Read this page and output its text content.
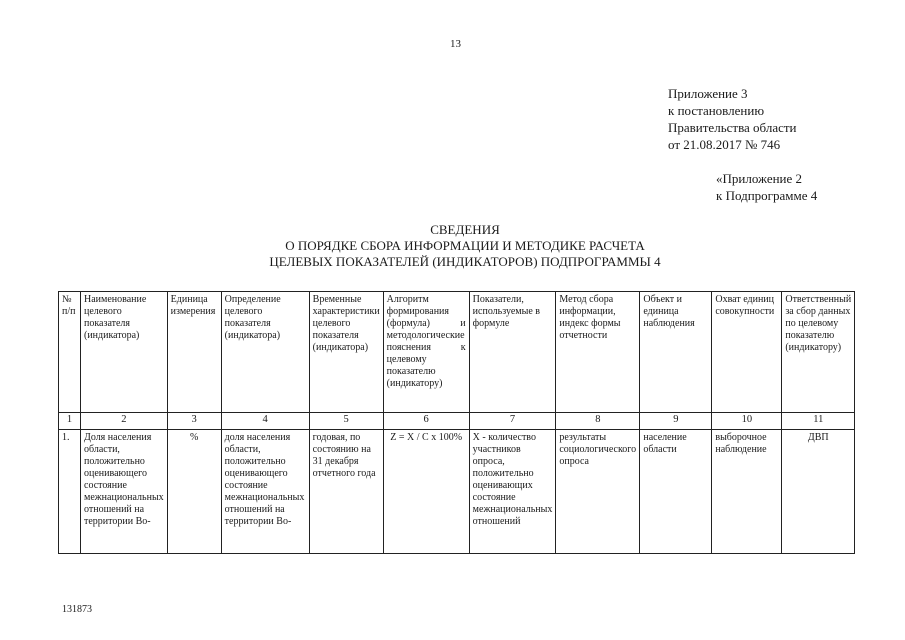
13
Приложение 3
к постановлению
Правительства области
от 21.08.2017 № 746
«Приложение 2
к Подпрограмме 4
СВЕДЕНИЯ
О ПОРЯДКЕ СБОРА ИНФОРМАЦИИ И МЕТОДИКЕ РАСЧЕТА
ЦЕЛЕВЫХ ПОКАЗАТЕЛЕЙ (ИНДИКАТОРОВ) ПОДПРОГРАММЫ 4
№ п/п	Наименование целевого показателя (индикатора)	Единица измерения	Определение целевого показателя (индикатора)	Временные характеристики целевого показателя (индикатора)	Алгоритм формирования (формула) и методологические пояснения к целевому показателю (индикатору)	Показатели, используемые в формуле	Метод сбора информации, индекс формы отчетности	Объект и единица наблюдения	Охват единиц совокупности	Ответственный за сбор данных по целевому показателю (индикатору)
1	2	3	4	5	6	7	8	9	10	11
1.	Доля населения области, положительно оценивающего состояние межнациональных отношений на территории Во-	%	доля населения области, положительно оценивающего состояние межнациональных отношений на территории Во-	годовая, по состоянию на 31 декабря отчетного года	Z = X / C x 100%	X - количество участников опроса, положительно оценивающих состояние межнациональных отношений	результаты социологического опроса	население области	выборочное наблюдение	ДВП
131873
